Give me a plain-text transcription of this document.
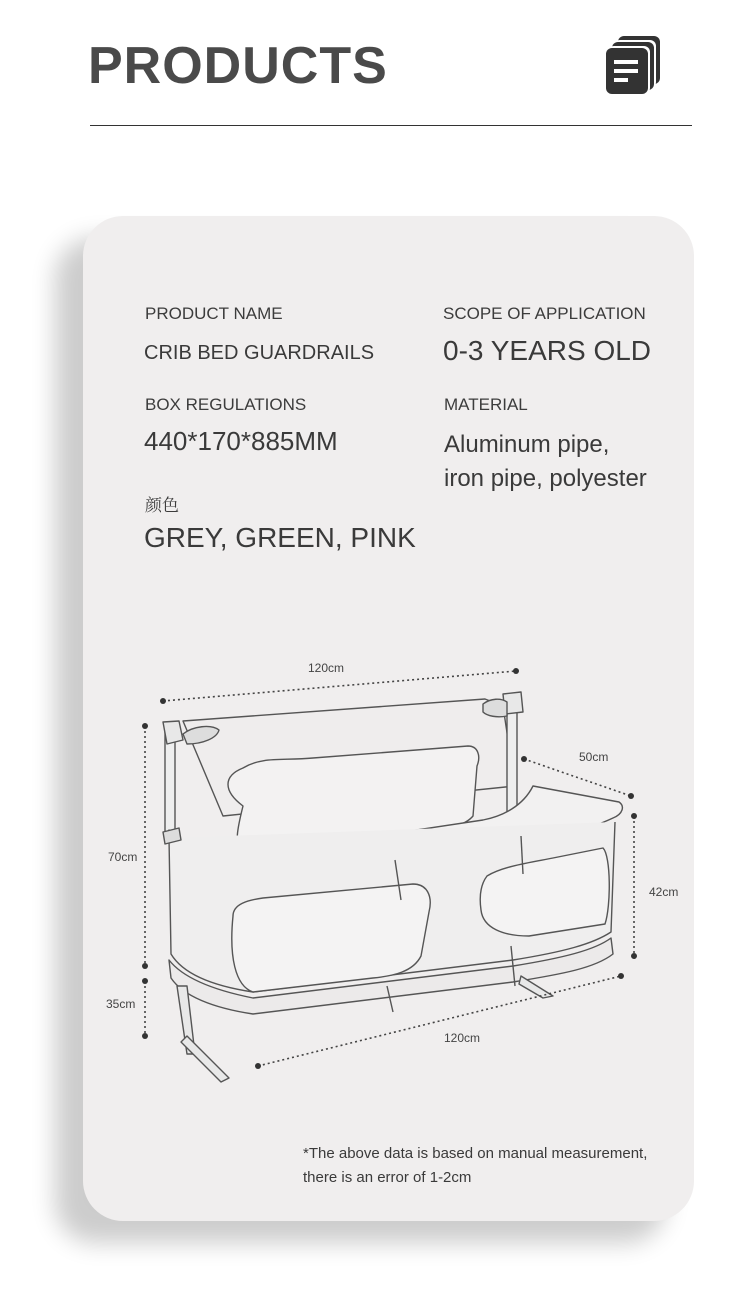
PRODUCTS
PRODUCT NAME
CRIB BED GUARDRAILS
SCOPE OF APPLICATION
0-3 YEARS OLD
BOX REGULATIONS
440*170*885MM
MATERIAL
Aluminum pipe,
iron pipe, polyester
颜色
GREY, GREEN, PINK
120cm
50cm
70cm
42cm
35cm
120cm
*The above data is based on manual measurement,
there is an error of 1-2cm
